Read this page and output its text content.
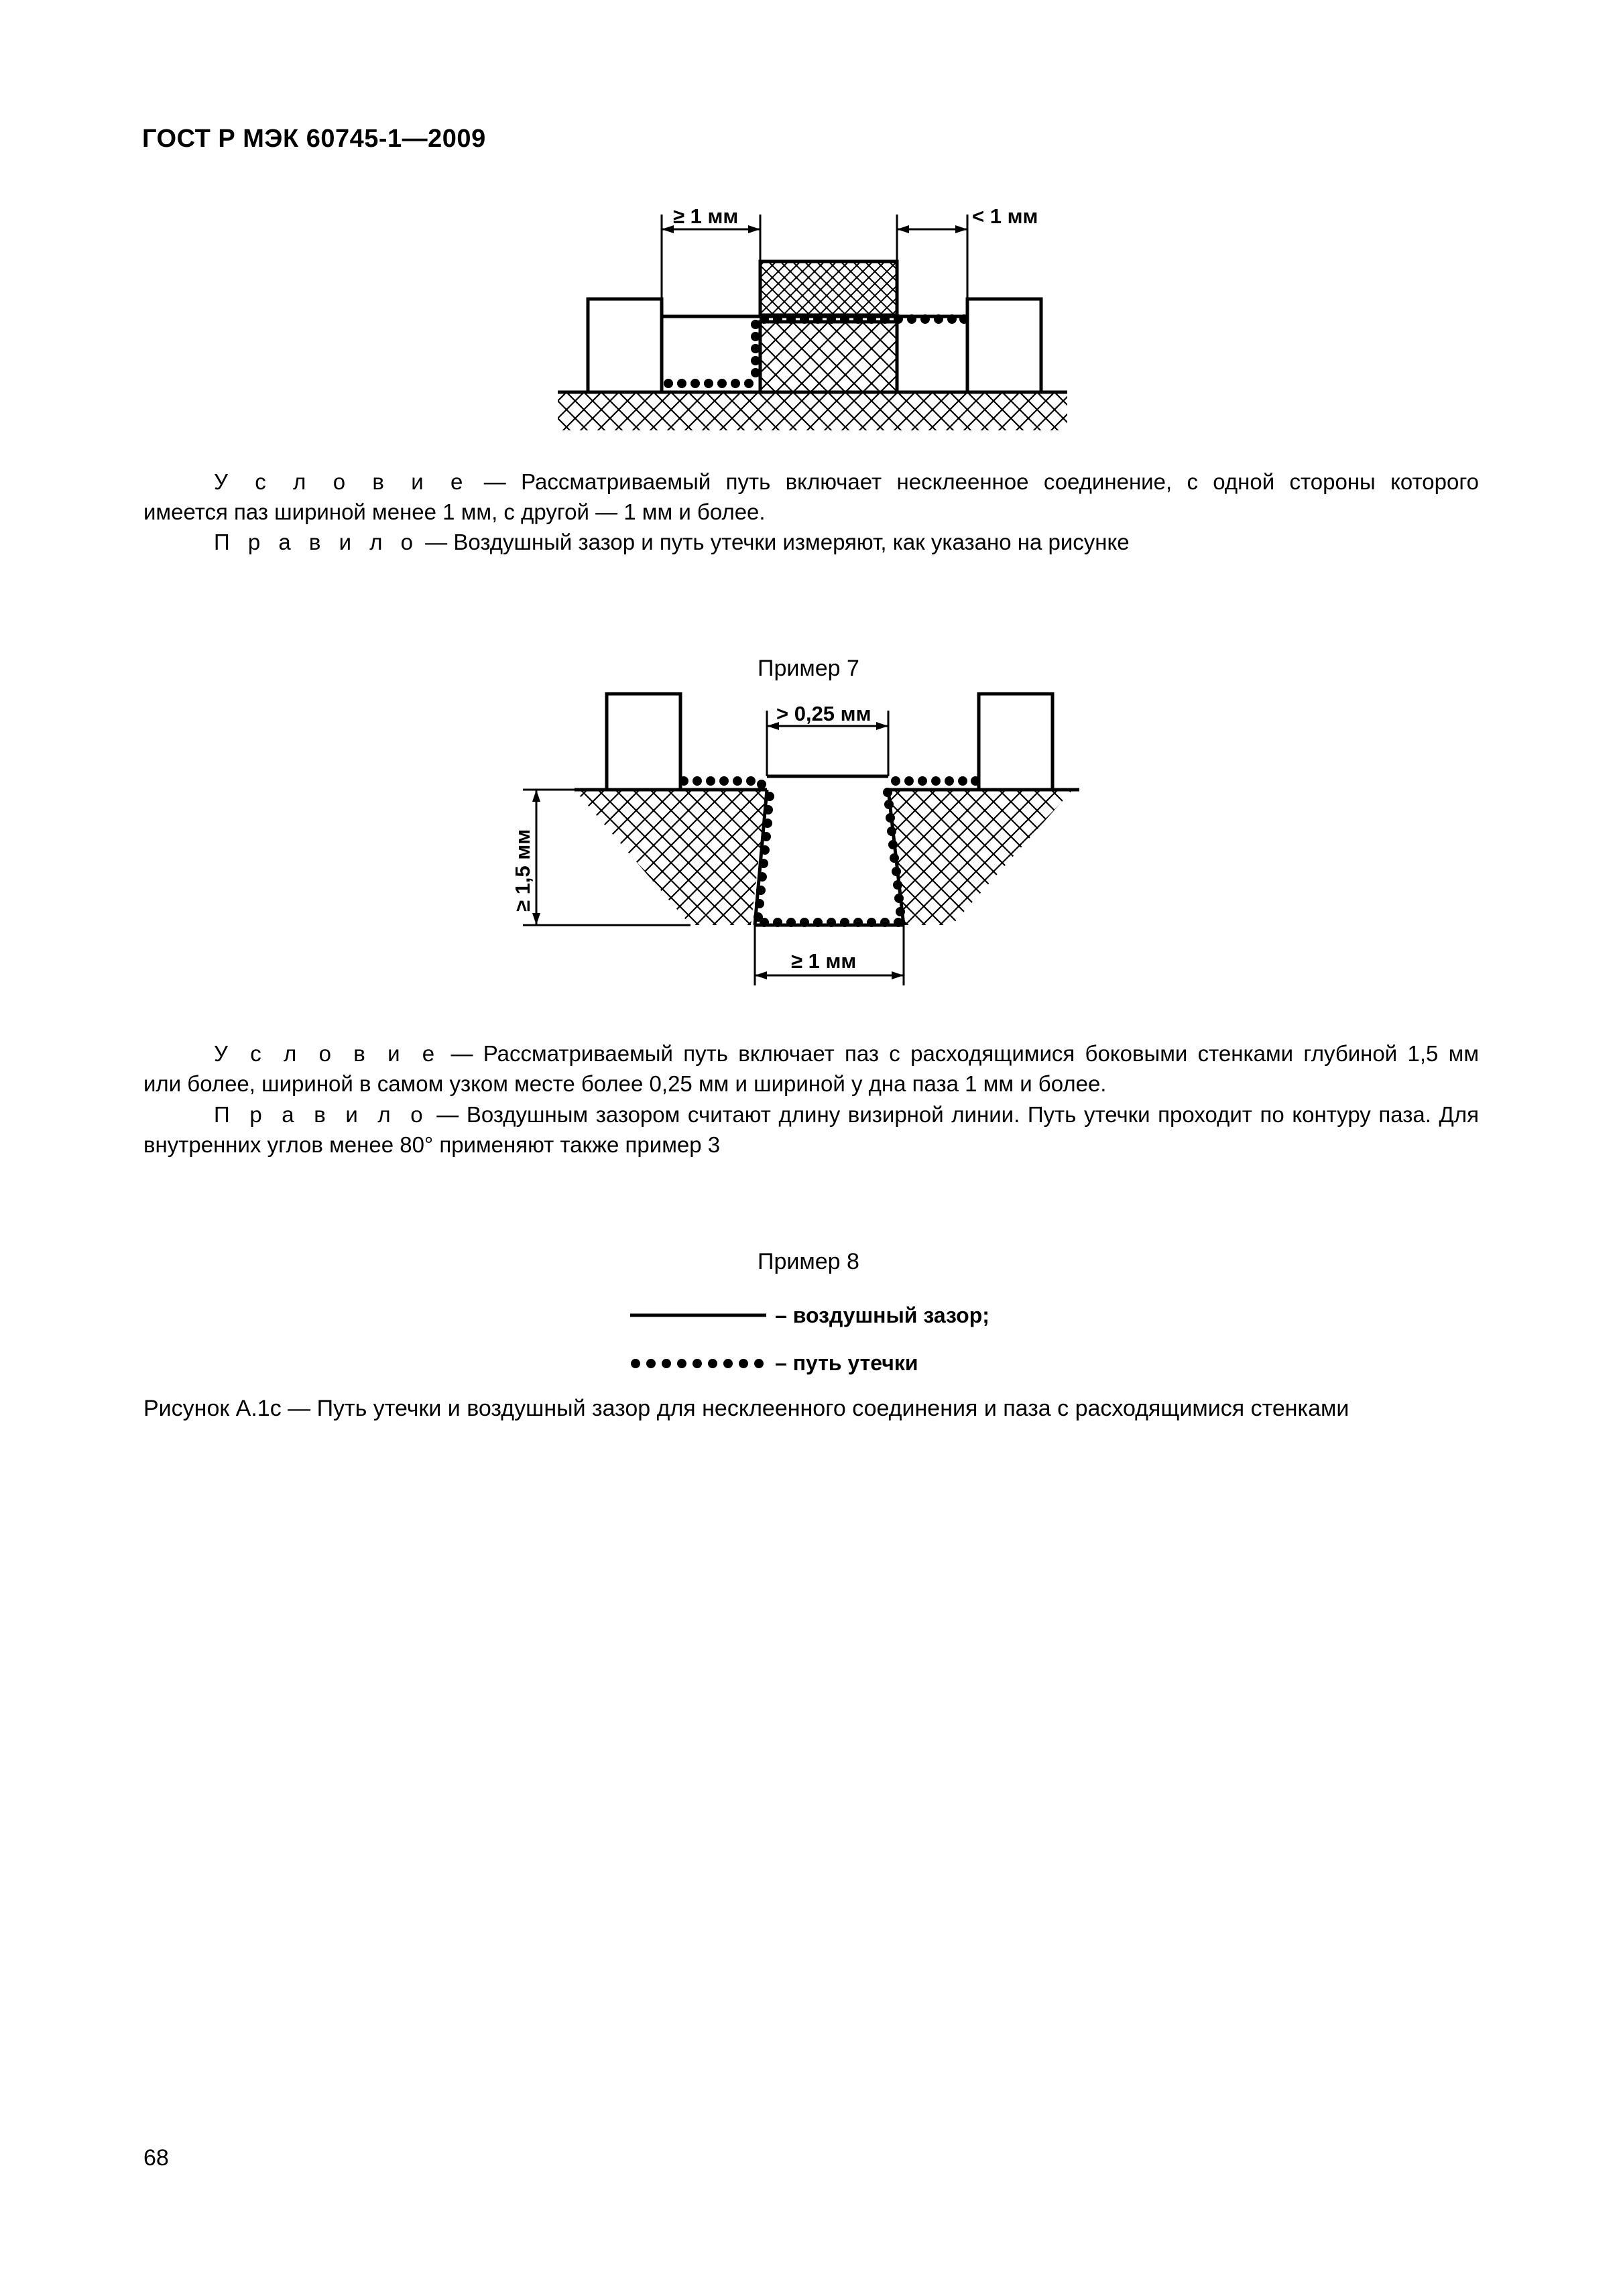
ГОСТ Р МЭК 60745-1—2009
≥ 1 мм	< 1 мм
У с л о в и е — Рассматриваемый путь включает несклеенное соединение, с одной стороны которого
имеется паз шириной менее 1 мм, с другой — 1 мм и более.
П р а в и л о — Воздушный зазор и путь утечки измеряют, как указано на рисунке
Пример 7
> 0,25 мм
≥ 1,5 мм
≥ 1 мм
У с л о в и е — Рассматриваемый путь включает паз с расходящимися боковыми стенками глубиной 1,5 мм
или более, шириной в самом узком месте более 0,25 мм и шириной у дна паза 1 мм и более.
П р а в и л о — Воздушным зазором считают длину визирной линии. Путь утечки проходит по контуру паза. Для
внутренних углов менее 80° применяют также пример 3
Пример 8
– воздушный зазор;
– путь утечки
Рисунок А.1с — Путь утечки и воздушный зазор для несклеенного соединения и паза с расходящимися стенками
68
